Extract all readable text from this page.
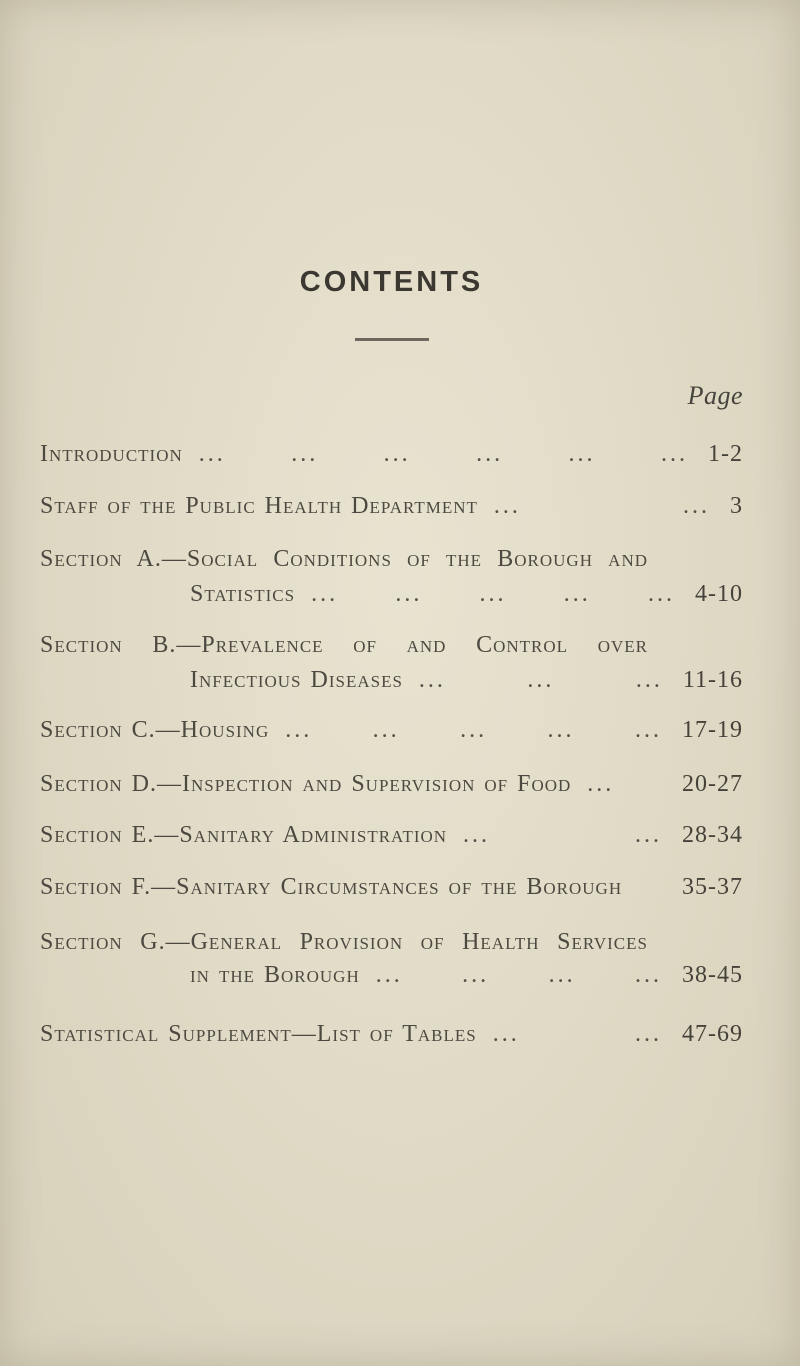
CONTENTS
Page
Introduction ... ... ... ... ... ... 1-2
Staff of the Public Health Department ... ... 3
Section A.—Social Conditions of the Borough and
Statistics ... ... ... ... ... 4-10
Section B.—Prevalence of and Control over
Infectious Diseases ... ... ... 11-16
Section C.—Housing ... ... ... ... ... 17-19
Section D.—Inspection and Supervision of Food ...	20-27
Section E.—Sanitary Administration ... ... 28-34
Section F.—Sanitary Circumstances of the Borough 35-37
Section G.—General Provision of Health Services
in the Borough ... ... ... ... 38-45
Statistical Supplement—List of Tables ... ... 47-69
